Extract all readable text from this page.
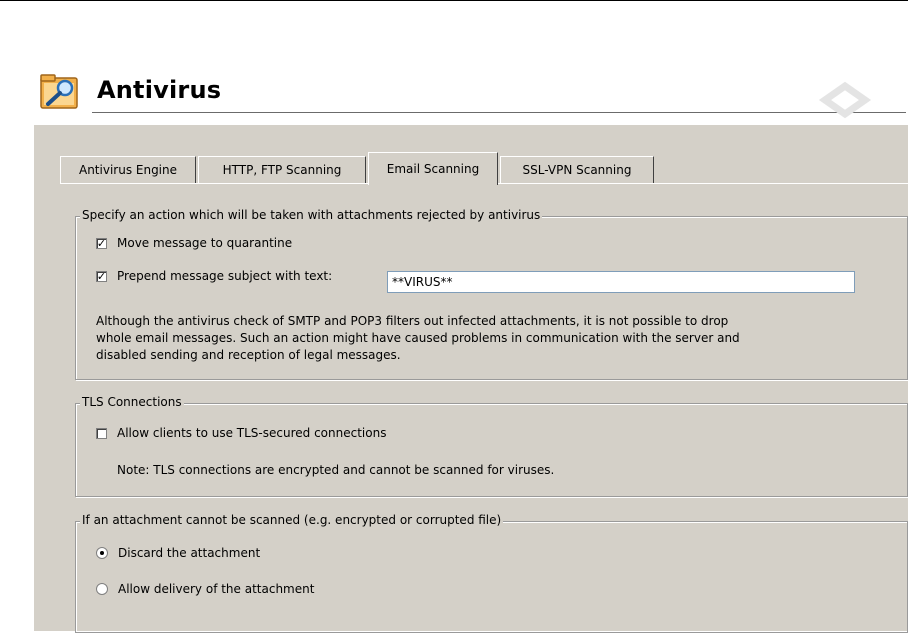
Antivirus
Antivirus Engine	HTTP, FTP Scanning	Email Scanning	SSL-VPN Scanning
Specify an action which will be taken with attachments rejected by antivirus
✓ Move message to quarantine
✓ Prepend message subject with text:
**VIRUS**
Although the antivirus check of SMTP and POP3 filters out infected attachments, it is not possible to drop
whole email messages. Such an action might have caused problems in communication with the server and
disabled sending and reception of legal messages.
TLS Connections
Allow clients to use TLS-secured connections
Note: TLS connections are encrypted and cannot be scanned for viruses.
If an attachment cannot be scanned (e.g. encrypted or corrupted file)
Discard the attachment
Allow delivery of the attachment
